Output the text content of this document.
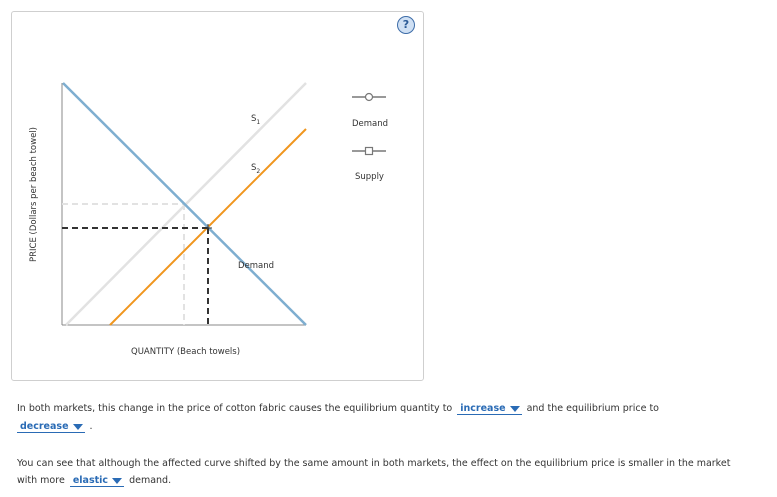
?
PRICE (Dollars per beach towel)
QUANTITY (Beach towels)
$S_1$
$S_2$
Demand
Demand
Supply
In both markets, this change in the price of cotton fabric causes the equilibrium quantity to increase and the equilibrium price to
decrease .
You can see that although the affected curve shifted by the same amount in both markets, the effect on the equilibrium price is smaller in the market
with more elastic demand.
